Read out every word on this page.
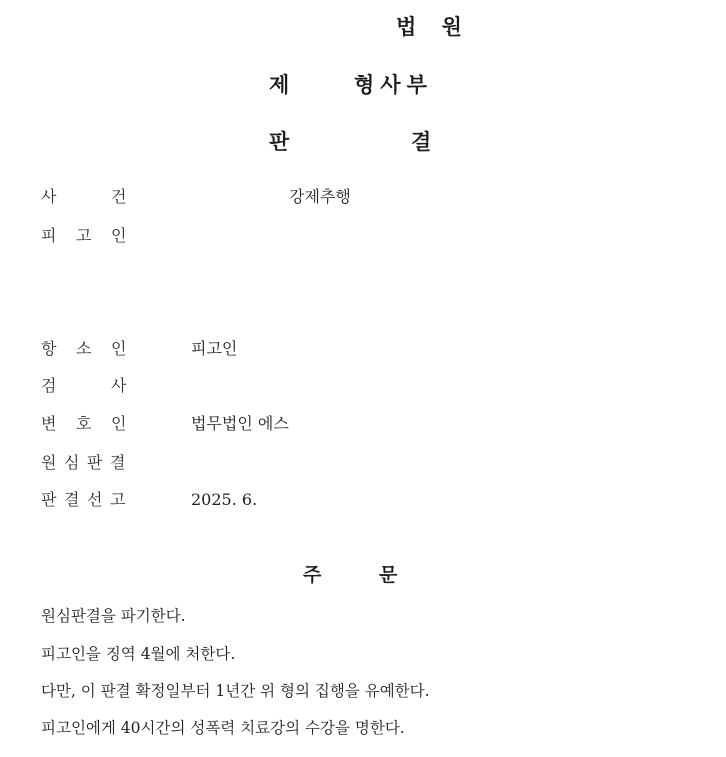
법 원
제	형사부
판	결
사	건	강제추행
피 고 인
항 소 인	피고인
검	사
변 호 인	법무법인 에스
원 심 판 결
판 결 선 고	2025. 6.
주	문
원심판결을 파기한다.
피고인을 징역 4월에 처한다.
다만, 이 판결 확정일부터 1년간 위 형의 집행을 유예한다.
피고인에게 40시간의 성폭력 치료강의 수강을 명한다.
